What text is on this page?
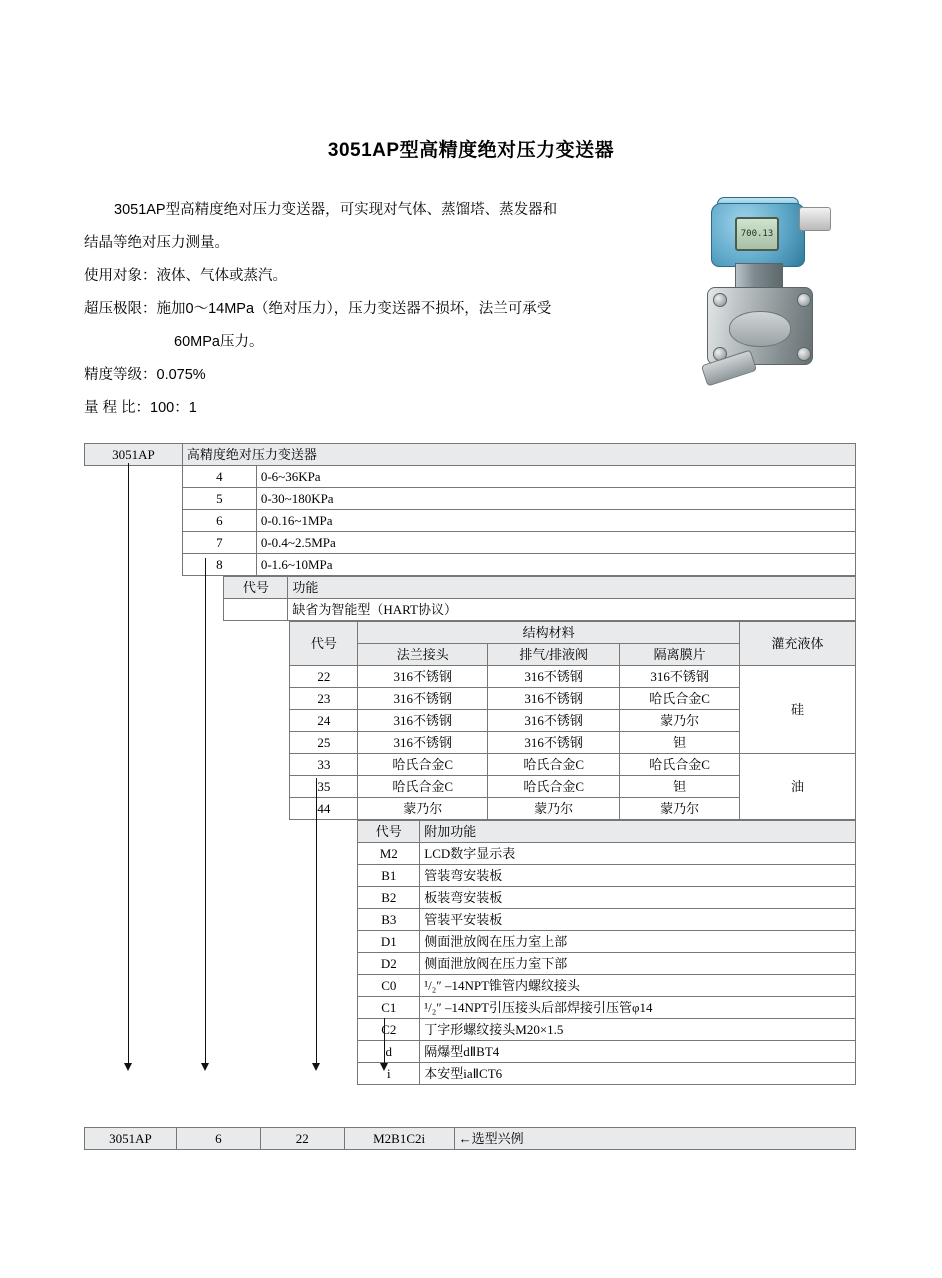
3051AP型高精度绝对压力变送器

3051AP型高精度绝对压力变送器，可实现对气体、蒸馏塔、蒸发器和

结晶等绝对压力测量。

使用对象：液体、气体或蒸汽。

超压极限：施加0～14MPa（绝对压力），压力变送器不损坏，法兰可承受

60MPa压力。

精度等级：0.075%

量 程 比：100：1

700.13
3051AP	高精度绝对压力变送器	
	4	0-6~36KPa
	5	0-30~180KPa
	6	0-0.16~1MPa
	7	0-0.4~2.5MPa
	8	0-1.6~10MPa
	代号	功能
		缺省为智能型（HART协议）
	代号	结构材料			灌充液体
		法兰接头	排气/排液阀	隔离膜片	
	22	316不锈钢	316不锈钢	316不锈钢	硅
	23	316不锈钢	316不锈钢	哈氏合金C	
	24	316不锈钢	316不锈钢	蒙乃尔	
	25	316不锈钢	316不锈钢	钽	
	33	哈氏合金C	哈氏合金C	哈氏合金C	油
	35	哈氏合金C	哈氏合金C	钽	
	44	蒙乃尔	蒙乃尔	蒙乃尔	
	代号	附加功能
	M2	LCD数字显示表
	B1	管装弯安装板
	B2	板装弯安装板
	B3	管装平安装板
	D1	侧面泄放阀在压力室上部
	D2	侧面泄放阀在压力室下部
	C0	¹/₂″ –14NPT锥管内螺纹接头
	C1	¹/₂″ –14NPT引压接头后部焊接引压管φ14
	C2	丁字形螺纹接头M20×1.5
	d	隔爆型dⅡBT4
	i	本安型iaⅡCT6
3051AP	6	22	M2B1C2i	←选型兴例
